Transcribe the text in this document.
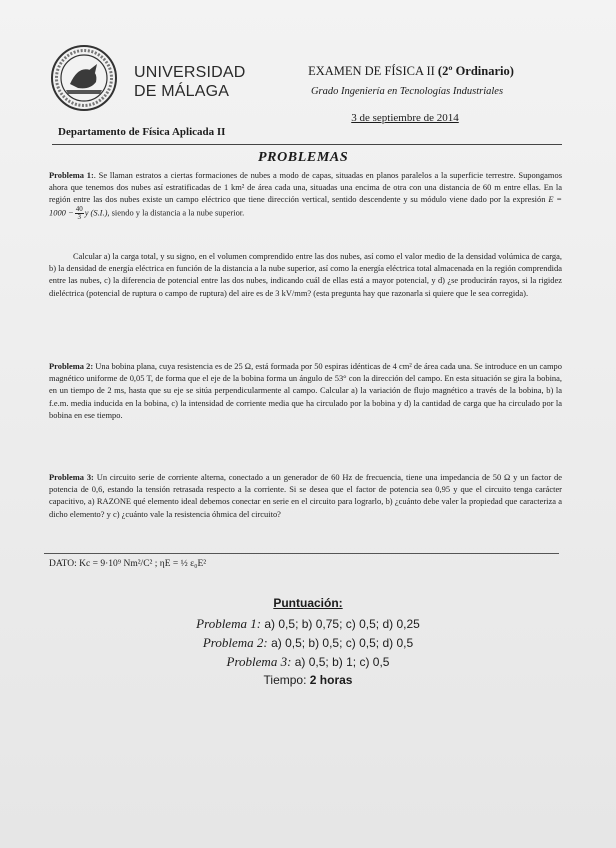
UNIVERSIDAD
DE MÁLAGA
EXAMEN DE FÍSICA II (2º Ordinario)
Grado Ingeniería en Tecnologías Industriales
3 de septiembre de 2014
Departamento de Física Aplicada II
PROBLEMAS
Problema 1:. Se llaman estratos a ciertas formaciones de nubes a modo de capas, situadas en planos paralelos a la superficie terrestre. Supongamos ahora que tenemos dos nubes así estratificadas de 1 km² de área cada una, situadas una encima de otra con una distancia de 60 m entre ellas. En la región entre las dos nubes existe un campo eléctrico que tiene dirección vertical, sentido descendente y su módulo viene dado por la expresión $E = 1000 - \frac{40}{3}$ y (S.I.), siendo y la distancia a la nube superior.
Calcular a) la carga total, y su signo, en el volumen comprendido entre las dos nubes, así como el valor medio de la densidad volúmica de carga, b) la densidad de energía eléctrica en función de la distancia a la nube superior, así como la energía eléctrica total almacenada en la región comprendida entre las nubes, c) la diferencia de potencial entre las dos nubes, indicando cuál de ellas está a mayor potencial, y d) ¿se producirán rayos, si la rigidez dieléctrica (potencial de ruptura o campo de ruptura) del aire es de 3 kV/mm? (esta pregunta hay que razonarla si quiere que le sea corregida).
Problema 2: Una bobina plana, cuya resistencia es de 25 Ω, está formada por 50 espiras idénticas de 4 cm² de área cada una. Se introduce en un campo magnético uniforme de 0,05 T, de forma que el eje de la bobina forma un ángulo de 53° con la dirección del campo. En esta situación se gira la bobina, en un tiempo de 2 ms, hasta que su eje se sitúa perpendicularmente al campo. Calcular a) la variación de flujo magnético a través de la bobina, b) la f.e.m. media inducida en la bobina, c) la intensidad de corriente media que ha circulado por la bobina y d) la cantidad de carga que ha circulado por la bobina en ese tiempo.
Problema 3: Un circuito serie de corriente alterna, conectado a un generador de 60 Hz de frecuencia, tiene una impedancia de 50 Ω y un factor de potencia de 0,6, estando la tensión retrasada respecto a la corriente. Si se desea que el factor de potencia sea 0,95 y que el circuito tenga carácter capacitivo, a) RAZONE qué elemento ideal debemos conectar en serie en el circuito para lograrlo, b) ¿cuánto debe valer la propiedad que caracteriza a dicho elemento? y c) ¿cuánto vale la resistencia óhmica del circuito?
DATO: Kc = 9·10⁹ Nm²/C² ; ηE = ½ ε₀E²
Puntuación:
Problema 1: a) 0,5; b) 0,75; c) 0,5; d) 0,25
Problema 2: a) 0,5; b) 0,5; c) 0,5; d) 0,5
Problema 3: a) 0,5; b) 1; c) 0,5
Tiempo: 2 horas
